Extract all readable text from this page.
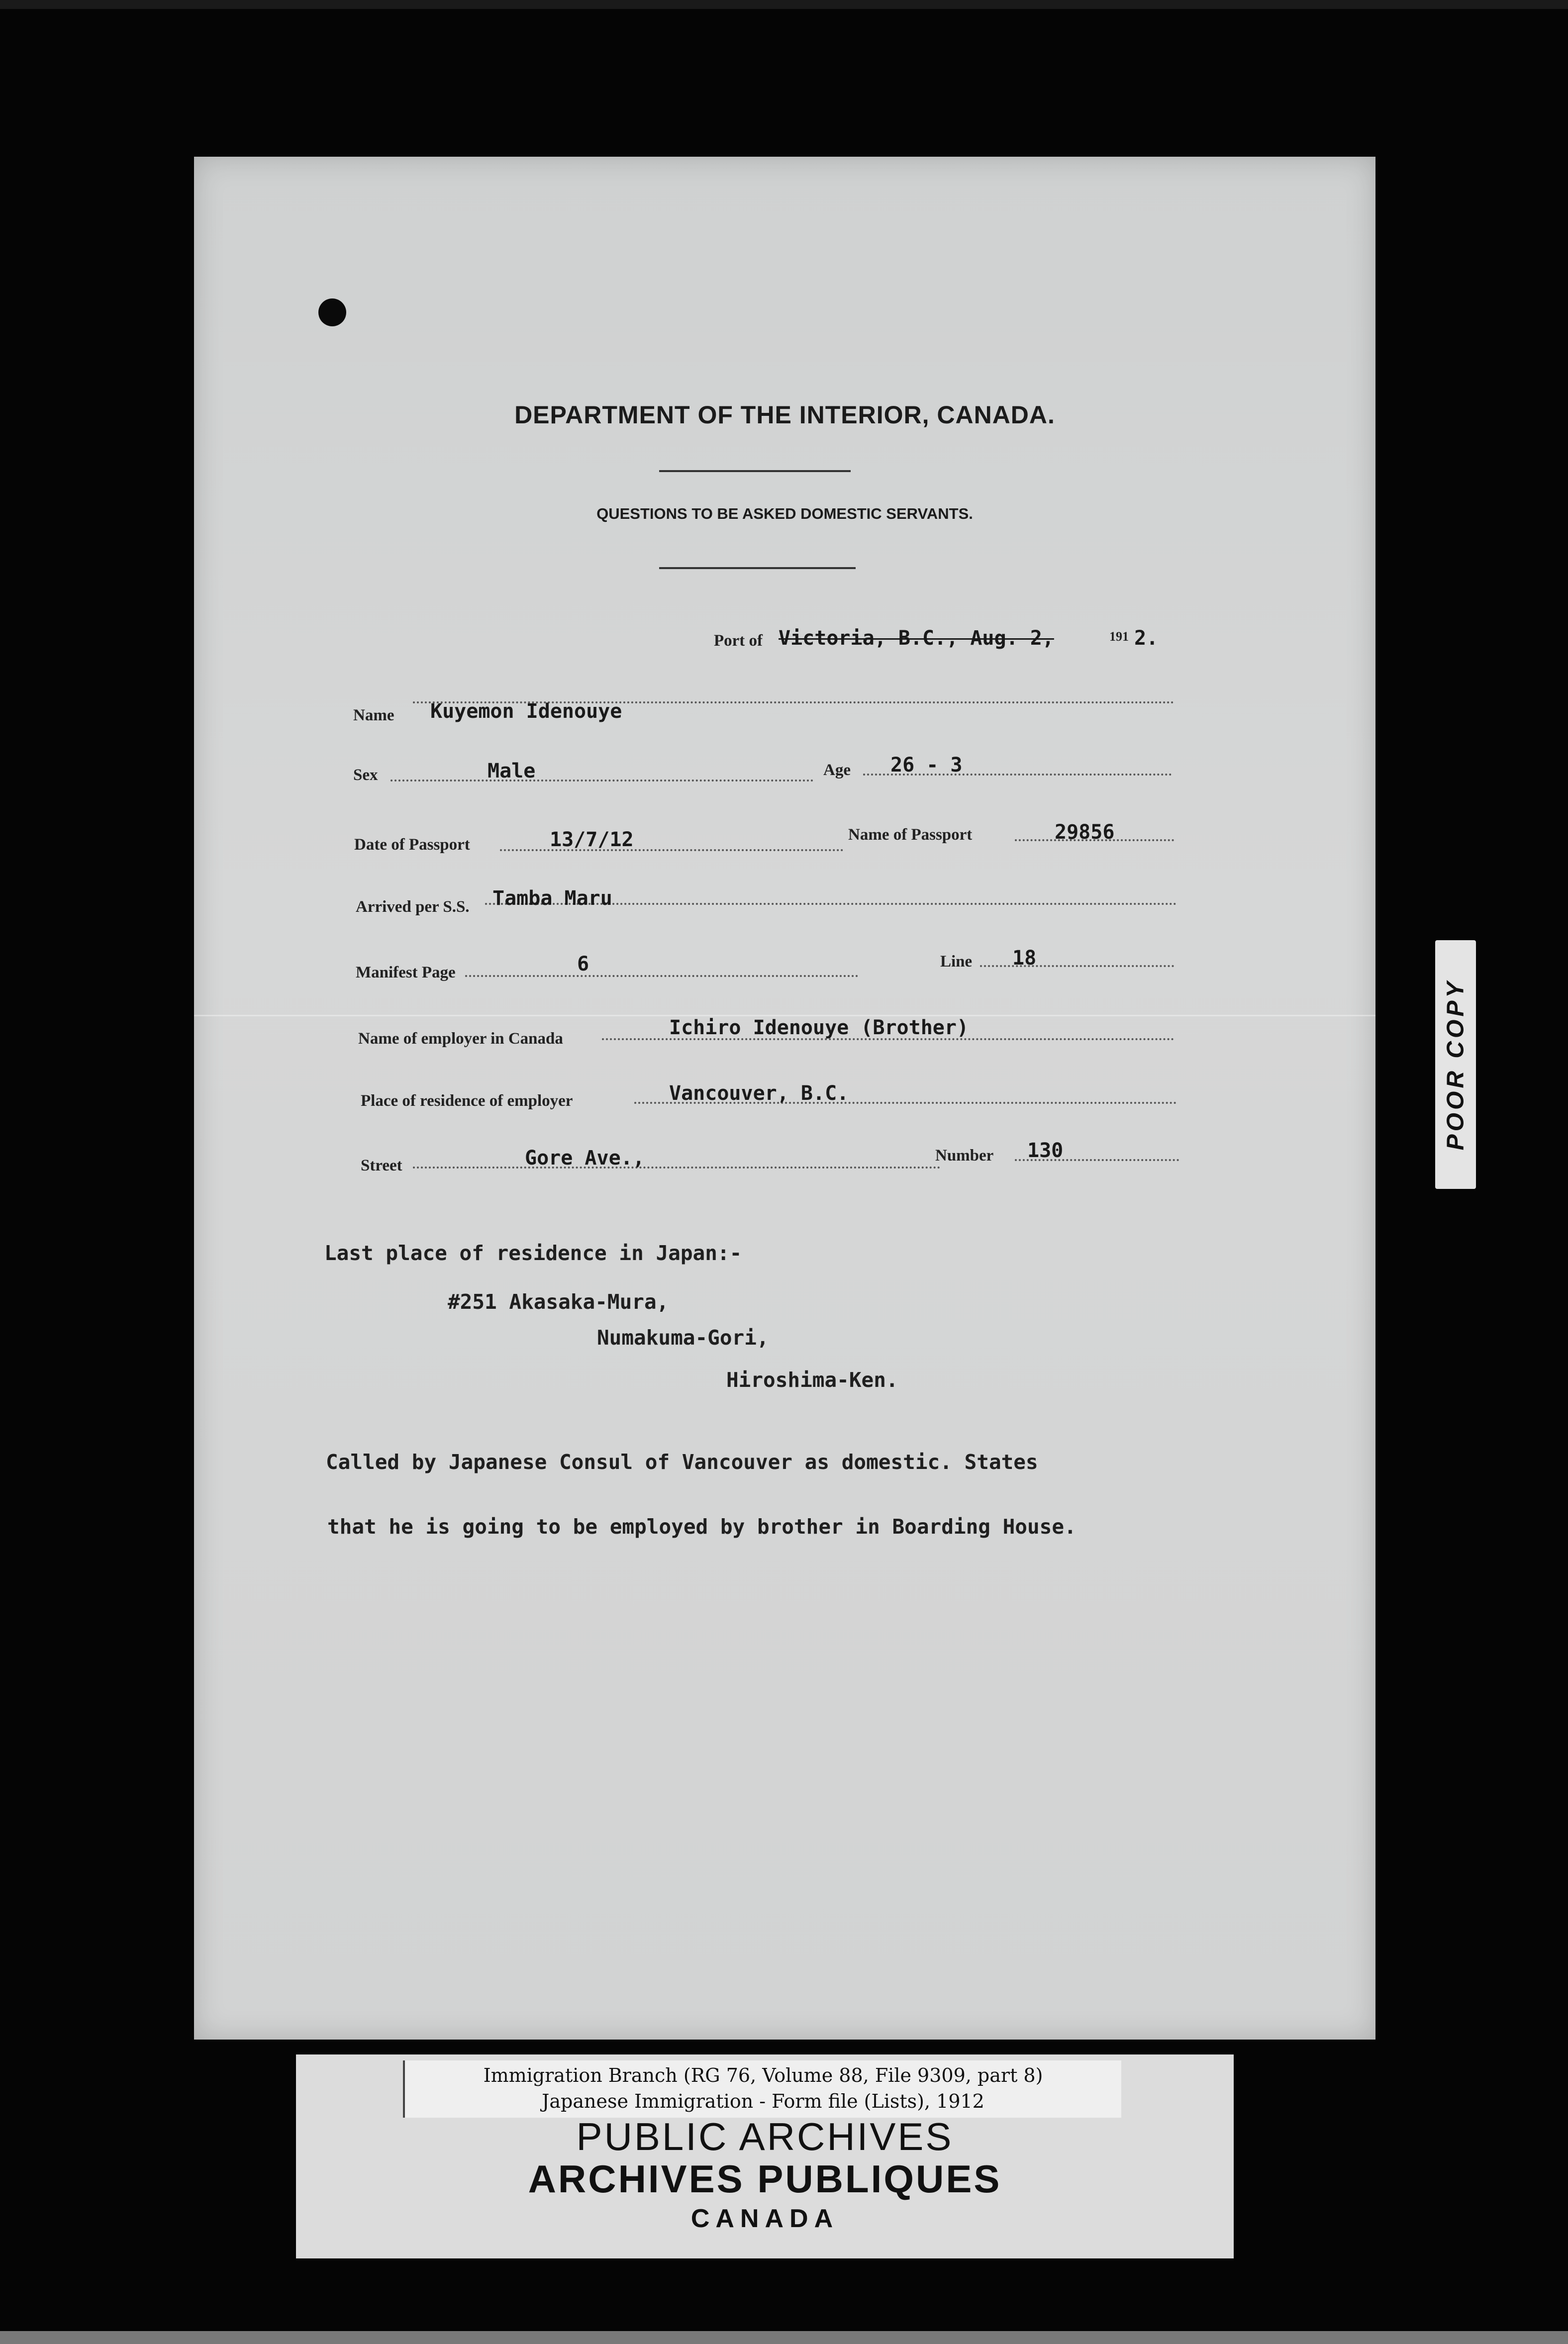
DEPARTMENT OF THE INTERIOR, CANADA.
QUESTIONS TO BE ASKED DOMESTIC SERVANTS.
Port of Victoria, B.C., Aug. 2,	191 2.
Name Kuyemon Idenouye
Sex	Male	Age 26 - 3
Date of Passport	13/7/12	Name of Passport	29856
Arrived per S.S. Tamba Maru
Manifest Page	6	Line 18
Name of employer in Canada	Ichiro Idenouye (Brother)
Place of residence of employer	Vancouver, B.C.
Street	Gore Ave.,	Number 130
Last place of residence in Japan:-
#251 Akasaka-Mura,
Numakuma-Gori,
Hiroshima-Ken.
Called by Japanese Consul of Vancouver as domestic. States
that he is going to be employed by brother in Boarding House.
POOR COPY
Immigration Branch (RG 76, Volume 88, File 9309, part 8)
Japanese Immigration - Form file (Lists), 1912
PUBLIC ARCHIVES
ARCHIVES PUBLIQUES
CANADA
